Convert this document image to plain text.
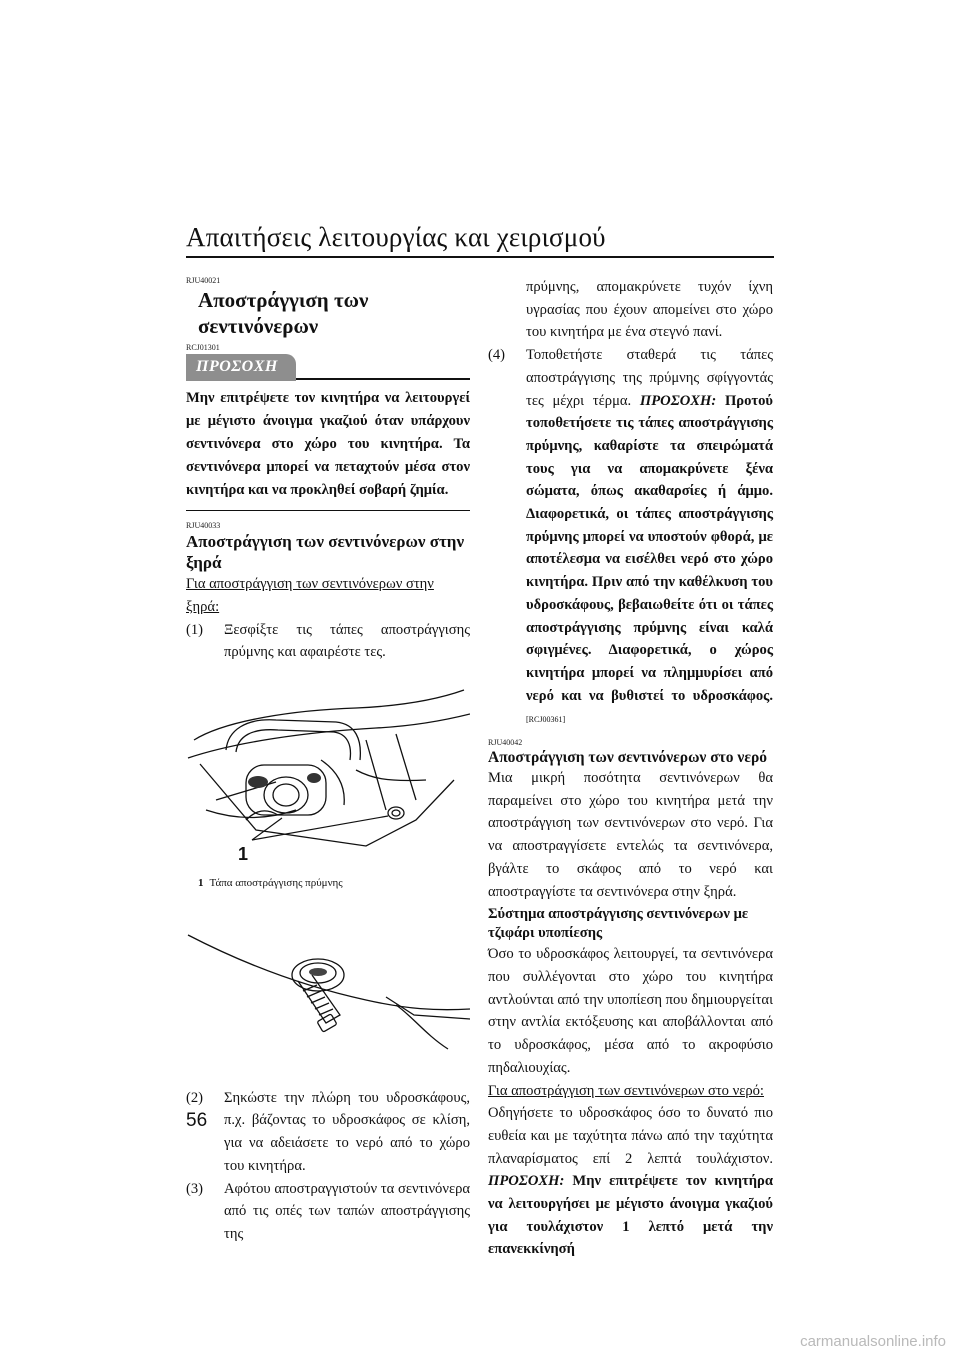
Απαιτήσεις λειτουργίας και χειρισμού
RJU40021
Αποστράγγιση των σεντινόνερων
RCJ01301
ΠΡΟΣΟΧΗ
Μην επιτρέψετε τον κινητήρα να λειτουργεί με μέγιστο άνοιγμα γκαζιού όταν υπάρχουν σεντινόνερα στο χώρο του κινητήρα. Τα σεντινόνερα μπορεί να πεταχτούν μέσα στον κινητήρα και να προκληθεί σοβαρή ζημία.
RJU40033
Αποστράγγιση των σεντινόνερων στην ξηρά
Για αποστράγγιση των σεντινόνερων στην ξηρά:
(1)	Ξεσφίξτε τις τάπες αποστράγγισης πρύμνης και αφαιρέστε τες.
1
1 Τάπα αποστράγγισης πρύμνης
(2)	Σηκώστε την πλώρη του υδροσκάφους, π.χ. βάζοντας το υδροσκάφος σε κλίση, για να αδειάσετε το νερό από το χώρο του κινητήρα.
(3)	Αφότου αποστραγγιστούν τα σεντινόνερα από τις οπές των ταπών αποστράγγισης της
πρύμνης, απομακρύνετε τυχόν ίχνη υγρασίας που έχουν απομείνει στο χώρο του κινητήρα με ένα στεγνό πανί.
(4)	Τοποθετήστε σταθερά τις τάπες αποστράγγισης της πρύμνης σφίγγοντάς τες μέχρι τέρμα. ΠΡΟΣΟΧΗ: Προτού τοποθετήσετε τις τάπες αποστράγγισης πρύμνης, καθαρίστε τα σπειρώματά τους για να απομακρύνετε ξένα σώματα, όπως ακαθαρσίες ή άμμο. Διαφορετικά, οι τάπες αποστράγγισης πρύμνης μπορεί να υποστούν φθορά, με αποτέλεσμα να εισέλθει νερό στο χώρο κινητήρα. Πριν από την καθέλκυση του υδροσκάφους, βεβαιωθείτε ότι οι τάπες αποστράγγισης πρύμνης είναι καλά σφιγμένες. Διαφορετικά, ο χώρος κινητήρα μπορεί να πλημμυρίσει από νερό και να βυθιστεί το υδροσκάφος. [RCJ00361]
RJU40042
Αποστράγγιση των σεντινόνερων στο νερό
Μια μικρή ποσότητα σεντινόνερων θα παραμείνει στο χώρο του κινητήρα μετά την αποστράγγιση των σεντινόνερων στο νερό. Για να αποστραγγίσετε εντελώς τα σεντινόνερα, βγάλτε το σκάφος από το νερό και αποστραγγίστε τα σεντινόνερα στην ξηρά.
Σύστημα αποστράγγισης σεντινόνερων με τζιφάρι υποπίεσης
Όσο το υδροσκάφος λειτουργεί, τα σεντινόνερα που συλλέγονται στο χώρο του κινητήρα αντλούνται από την υποπίεση που δημιουργείται στην αντλία εκτόξευσης και αποβάλλονται από το υδροσκάφος, μέσα από το ακροφύσιο πηδαλιουχίας.
Για αποστράγγιση των σεντινόνερων στο νερό:
Οδηγήσετε το υδροσκάφος όσο το δυνατό πιο ευθεία και με ταχύτητα πάνω από την ταχύτητα πλαναρίσματος επί 2 λεπτά τουλάχιστον. ΠΡΟΣΟΧΗ: Μην επιτρέψετε τον κινητήρα να λειτουργήσει με μέγιστο άνοιγμα γκαζιού για τουλάχιστον 1 λεπτό μετά την επανεκκίνησή
56
carmanualsonline.info
